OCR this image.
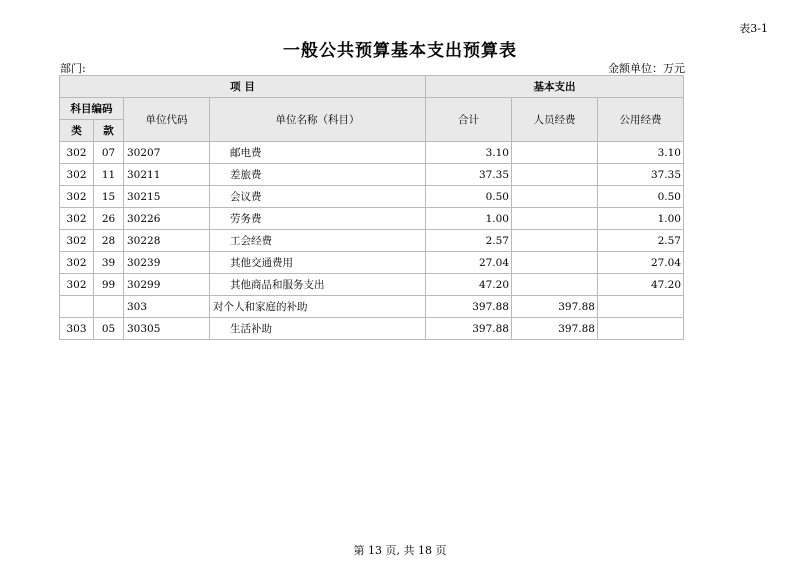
表3-1
一般公共预算基本支出预算表
部门:	金额单位：万元
项 目				基本支出		
科目编码		单位代码	单位名称（科目）	合计	人员经费	公用经费
类	款					
302	07	30207	邮电费	3.10		3.10
302	11	30211	差旅费	37.35		37.35
302	15	30215	会议费	0.50		0.50
302	26	30226	劳务费	1.00		1.00
302	28	30228	工会经费	2.57		2.57
302	39	30239	其他交通费用	27.04		27.04
302	99	30299	其他商品和服务支出	47.20		47.20
		303	对个人和家庭的补助	397.88	397.88	
303	05	30305	生活补助	397.88	397.88	
第 13 页, 共 18 页
